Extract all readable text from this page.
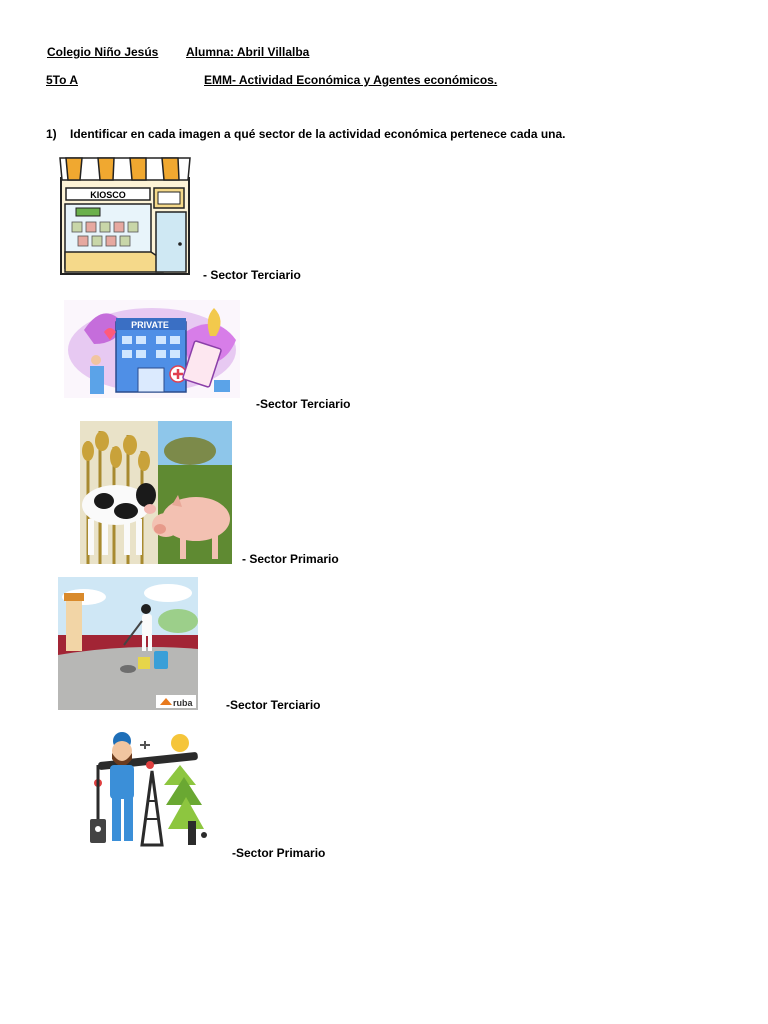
Colegio Niño Jesús Alumna: Abril Villalba
5To A	EMM- Actividad Económica y Agentes económicos.
1) Identificar en cada imagen a qué sector de la actividad económica pertenece cada una.
KIOSCO
- Sector Terciario
PRIVATE
-Sector Terciario
- Sector Primario
ruba	-Sector Terciario
-Sector Primario
